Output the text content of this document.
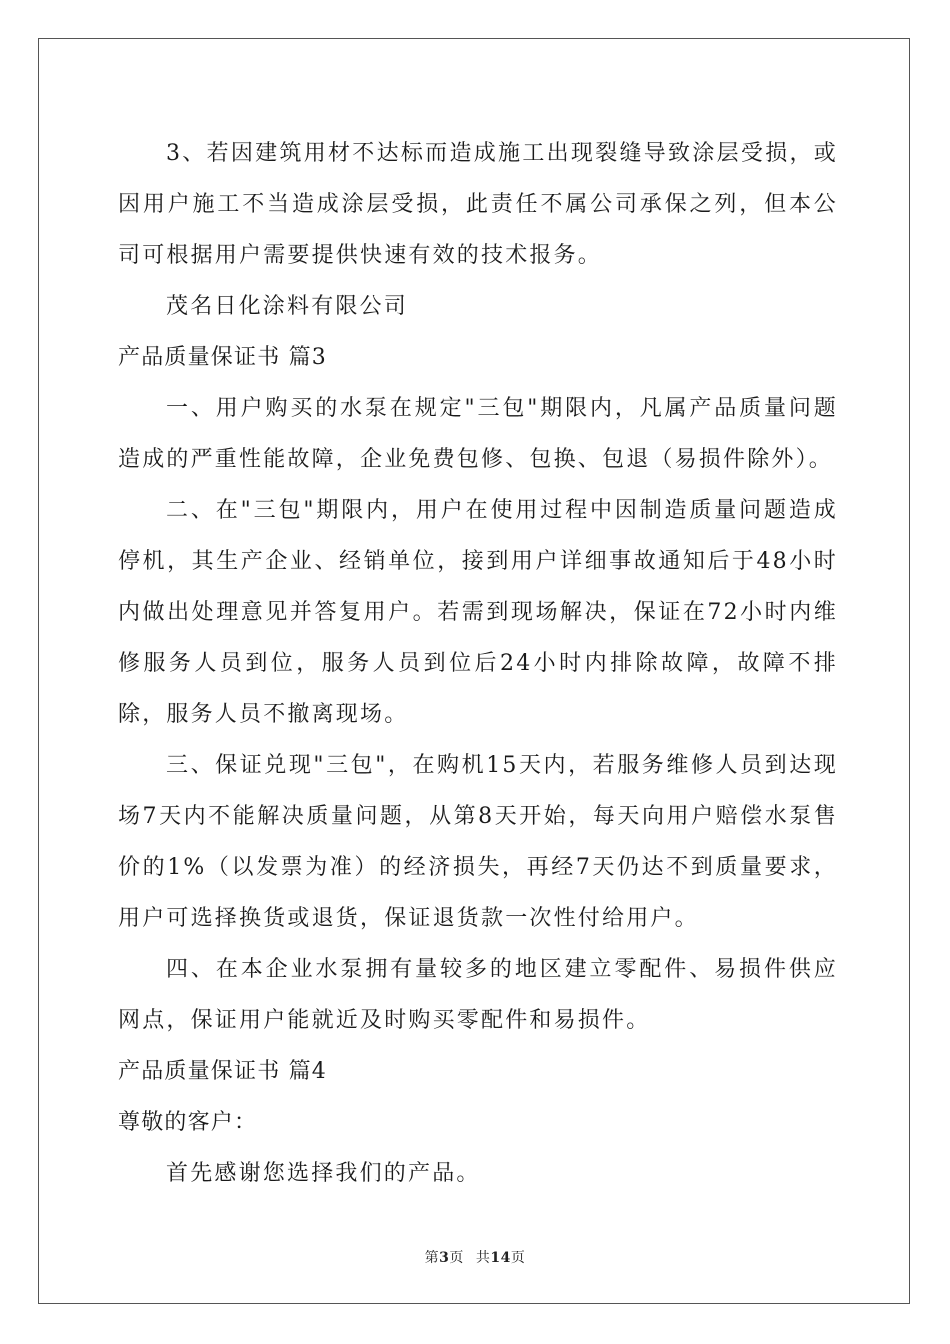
3、若因建筑用材不达标而造成施工出现裂缝导致涂层受损，或因用户施工不当造成涂层受损，此责任不属公司承保之列，但本公司可根据用户需要提供快速有效的技术报务。

茂名日化涂料有限公司

产品质量保证书 篇3

一、用户购买的水泵在规定"三包"期限内，凡属产品质量问题造成的严重性能故障，企业免费包修、包换、包退（易损件除外）。

二、在"三包"期限内，用户在使用过程中因制造质量问题造成停机，其生产企业、经销单位，接到用户详细事故通知后于48小时内做出处理意见并答复用户。若需到现场解决，保证在72小时内维修服务人员到位，服务人员到位后24小时内排除故障，故障不排除，服务人员不撤离现场。

三、保证兑现"三包"，在购机15天内，若服务维修人员到达现场7天内不能解决质量问题，从第8天开始，每天向用户赔偿水泵售价的1%（以发票为准）的经济损失，再经7天仍达不到质量要求，用户可选择换货或退货，保证退货款一次性付给用户。

四、在本企业水泵拥有量较多的地区建立零配件、易损件供应网点，保证用户能就近及时购买零配件和易损件。

产品质量保证书 篇4

尊敬的客户：

首先感谢您选择我们的产品。

第3页 共14页
